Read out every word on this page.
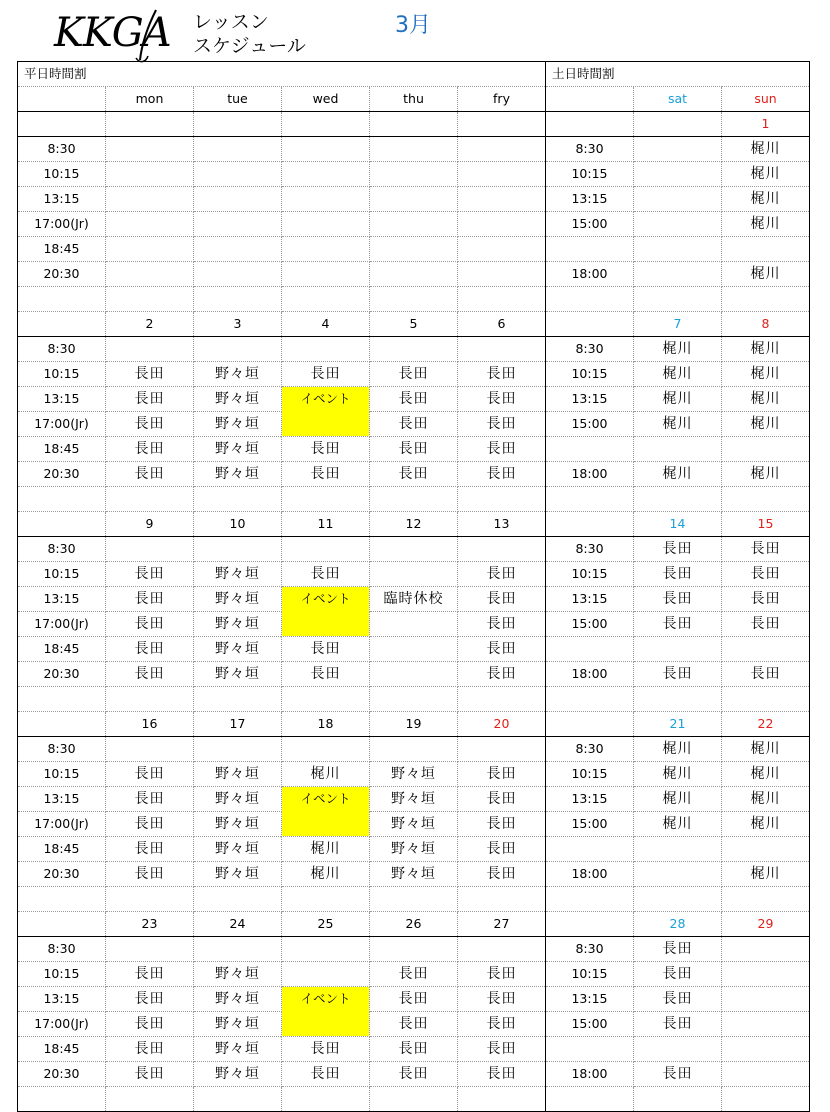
KKGA レッスン
スケジュール
3月
平日時間割						土日時間割		
	mon	tue	wed	thu	fry		sat	sun
								1
8:30						8:30		梶川
10:15						10:15		梶川
13:15						13:15		梶川
17:00(Jr)						15:00		梶川
18:45								
20:30						18:00		梶川

	2	3	4	5	6		7	8
8:30						8:30	梶川	梶川
10:15	長田	野々垣	長田	長田	長田	10:15	梶川	梶川
13:15	長田	野々垣	イベント	長田	長田	13:15	梶川	梶川
17:00(Jr)	長田	野々垣		長田	長田	15:00	梶川	梶川
18:45	長田	野々垣	長田	長田	長田			
20:30	長田	野々垣	長田	長田	長田	18:00	梶川	梶川

	9	10	11	12	13		14	15
8:30						8:30	長田	長田
10:15	長田	野々垣	長田		長田	10:15	長田	長田
13:15	長田	野々垣	イベント	臨時休校	長田	13:15	長田	長田
17:00(Jr)	長田	野々垣			長田	15:00	長田	長田
18:45	長田	野々垣	長田		長田			
20:30	長田	野々垣	長田		長田	18:00	長田	長田

	16	17	18	19	20		21	22
8:30						8:30	梶川	梶川
10:15	長田	野々垣	梶川	野々垣	長田	10:15	梶川	梶川
13:15	長田	野々垣	イベント	野々垣	長田	13:15	梶川	梶川
17:00(Jr)	長田	野々垣		野々垣	長田	15:00	梶川	梶川
18:45	長田	野々垣	梶川	野々垣	長田			
20:30	長田	野々垣	梶川	野々垣	長田	18:00		梶川

	23	24	25	26	27		28	29
8:30						8:30	長田	
10:15	長田	野々垣		長田	長田	10:15	長田	
13:15	長田	野々垣	イベント	長田	長田	13:15	長田	
17:00(Jr)	長田	野々垣		長田	長田	15:00	長田	
18:45	長田	野々垣	長田	長田	長田			
20:30	長田	野々垣	長田	長田	長田	18:00	長田	
